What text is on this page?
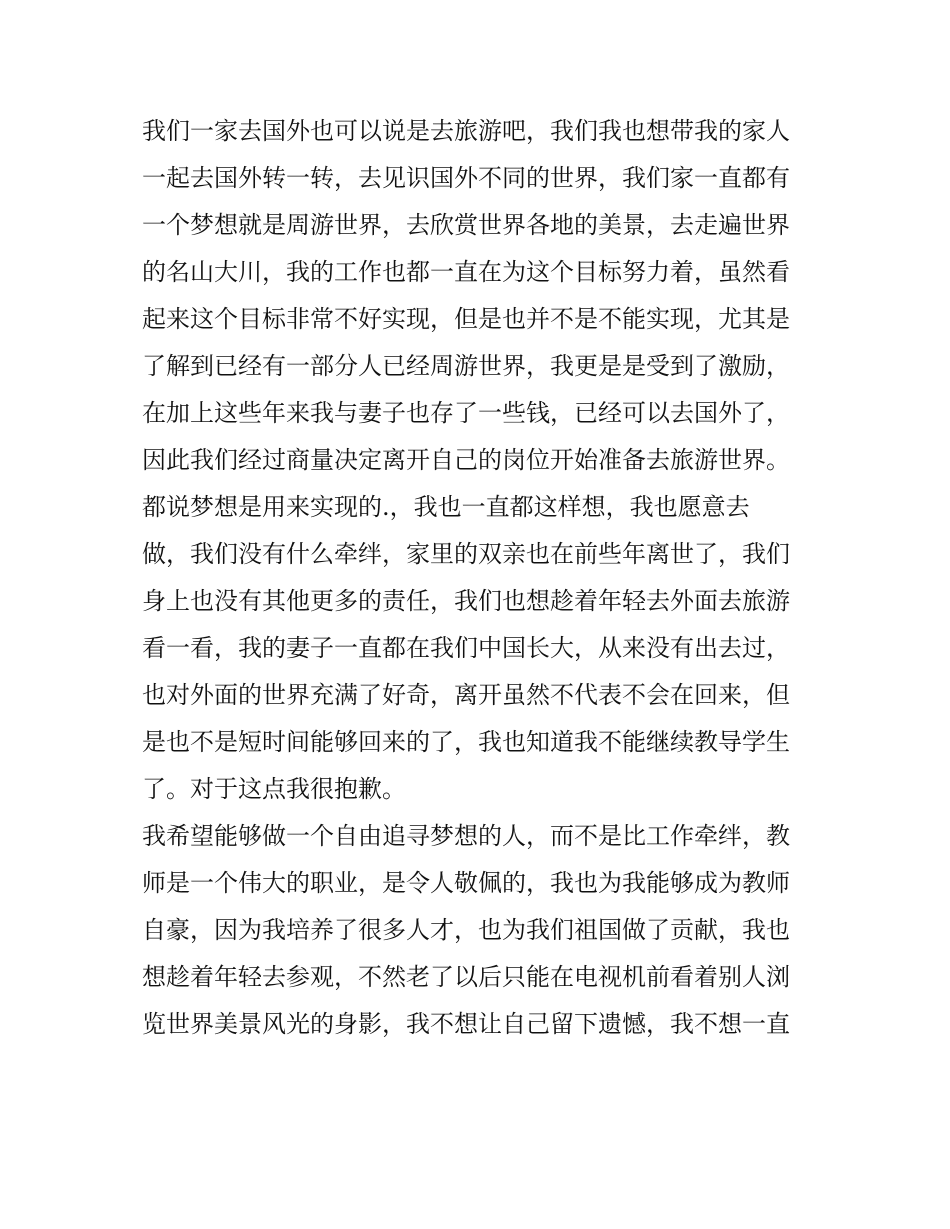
我们一家去国外也可以说是去旅游吧，我们我也想带我的家人
一起去国外转一转，去见识国外不同的世界，我们家一直都有
一个梦想就是周游世界，去欣赏世界各地的美景，去走遍世界
的名山大川，我的工作也都一直在为这个目标努力着，虽然看
起来这个目标非常不好实现，但是也并不是不能实现，尤其是
了解到已经有一部分人已经周游世界，我更是是受到了激励，
在加上这些年来我与妻子也存了一些钱，已经可以去国外了，
因此我们经过商量决定离开自己的岗位开始准备去旅游世界。
都说梦想是用来实现的.，我也一直都这样想，我也愿意去
做，我们没有什么牵绊，家里的双亲也在前些年离世了，我们
身上也没有其他更多的责任，我们也想趁着年轻去外面去旅游
看一看，我的妻子一直都在我们中国长大，从来没有出去过，
也对外面的世界充满了好奇，离开虽然不代表不会在回来，但
是也不是短时间能够回来的了，我也知道我不能继续教导学生
了。对于这点我很抱歉。
我希望能够做一个自由追寻梦想的人，而不是比工作牵绊，教
师是一个伟大的职业，是令人敬佩的，我也为我能够成为教师
自豪，因为我培养了很多人才，也为我们祖国做了贡献，我也
想趁着年轻去参观，不然老了以后只能在电视机前看着别人浏
览世界美景风光的身影，我不想让自己留下遗憾，我不想一直
